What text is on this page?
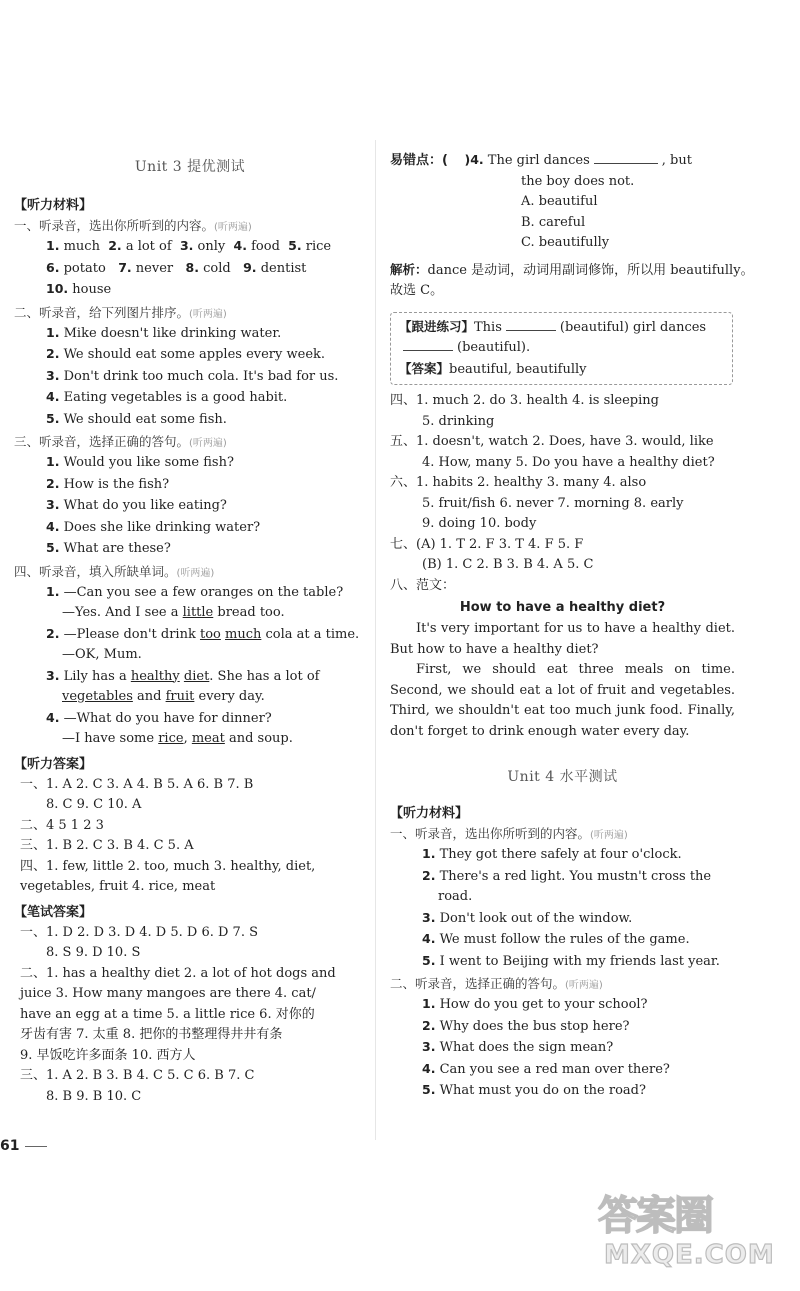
Unit 3 提优测试
【听力材料】
一、听录音，选出你所听到的内容。(听两遍)
1. much 2. a lot of 3. only 4. food 5. rice
6. potato 7. never 8. cold 9. dentist
10. house
二、听录音，给下列图片排序。(听两遍)
1. Mike doesn't like drinking water.
2. We should eat some apples every week.
3. Don't drink too much cola. It's bad for us.
4. Eating vegetables is a good habit.
5. We should eat some fish.
三、听录音，选择正确的答句。(听两遍)
1. Would you like some fish?
2. How is the fish?
3. What do you like eating?
4. Does she like drinking water?
5. What are these?
四、听录音，填入所缺单词。(听两遍)
1. —Can you see a few oranges on the table?
—Yes. And I see a little bread too.
2. —Please don't drink too much cola at a time.
—OK, Mum.
3. Lily has a healthy diet. She has a lot of
vegetables and fruit every day.
4. —What do you have for dinner?
—I have some rice, meat and soup.
【听力答案】
一、1. A 2. C 3. A 4. B 5. A 6. B 7. B
8. C 9. C 10. A
二、4 5 1 2 3
三、1. B 2. C 3. B 4. C 5. A
四、1. few, little 2. too, much 3. healthy, diet,
vegetables, fruit 4. rice, meat
【笔试答案】
一、1. D 2. D 3. D 4. D 5. D 6. D 7. S
8. S 9. D 10. S
二、1. has a healthy diet 2. a lot of hot dogs and
juice 3. How many mangoes are there 4. cat/
have an egg at a time 5. a little rice 6. 对你的
牙齿有害 7. 太重 8. 把你的书整理得井井有条
9. 早饭吃许多面条 10. 西方人
三、1. A 2. B 3. B 4. C 5. C 6. B 7. C
8. B 9. B 10. C
易错点：( )4. The girl dances	, but
the boy does not.
A. beautiful
B. careful
C. beautifully
解析：dance 是动词，动词用副词修饰，所以用 beautifully。
故选 C。
【跟进练习】This	(beautiful) girl dances
(beautiful).
【答案】beautiful, beautifully
四、1. much 2. do 3. health 4. is sleeping
5. drinking
五、1. doesn't, watch 2. Does, have 3. would, like
4. How, many 5. Do you have a healthy diet?
六、1. habits 2. healthy 3. many 4. also
5. fruit/fish 6. never 7. morning 8. early
9. doing 10. body
七、(A) 1. T 2. F 3. T 4. F 5. F
(B) 1. C 2. B 3. B 4. A 5. C
八、范文：
How to have a healthy diet?
It's very important for us to have a healthy diet. But how to have a healthy diet?
First, we should eat three meals on time. Second, we should eat a lot of fruit and vegetables. Third, we shouldn't eat too much junk food. Finally, don't forget to drink enough water every day.
Unit 4 水平测试
【听力材料】
一、听录音，选出你所听到的内容。(听两遍)
1. They got there safely at four o'clock.
2. There's a red light. You mustn't cross the
road.
3. Don't look out of the window.
4. We must follow the rules of the game.
5. I went to Beijing with my friends last year.
二、听录音，选择正确的答句。(听两遍)
1. How do you get to your school?
2. Why does the bus stop here?
3. What does the sign mean?
4. Can you see a red man over there?
5. What must you do on the road?
61
答案圈
MXQE.COM
